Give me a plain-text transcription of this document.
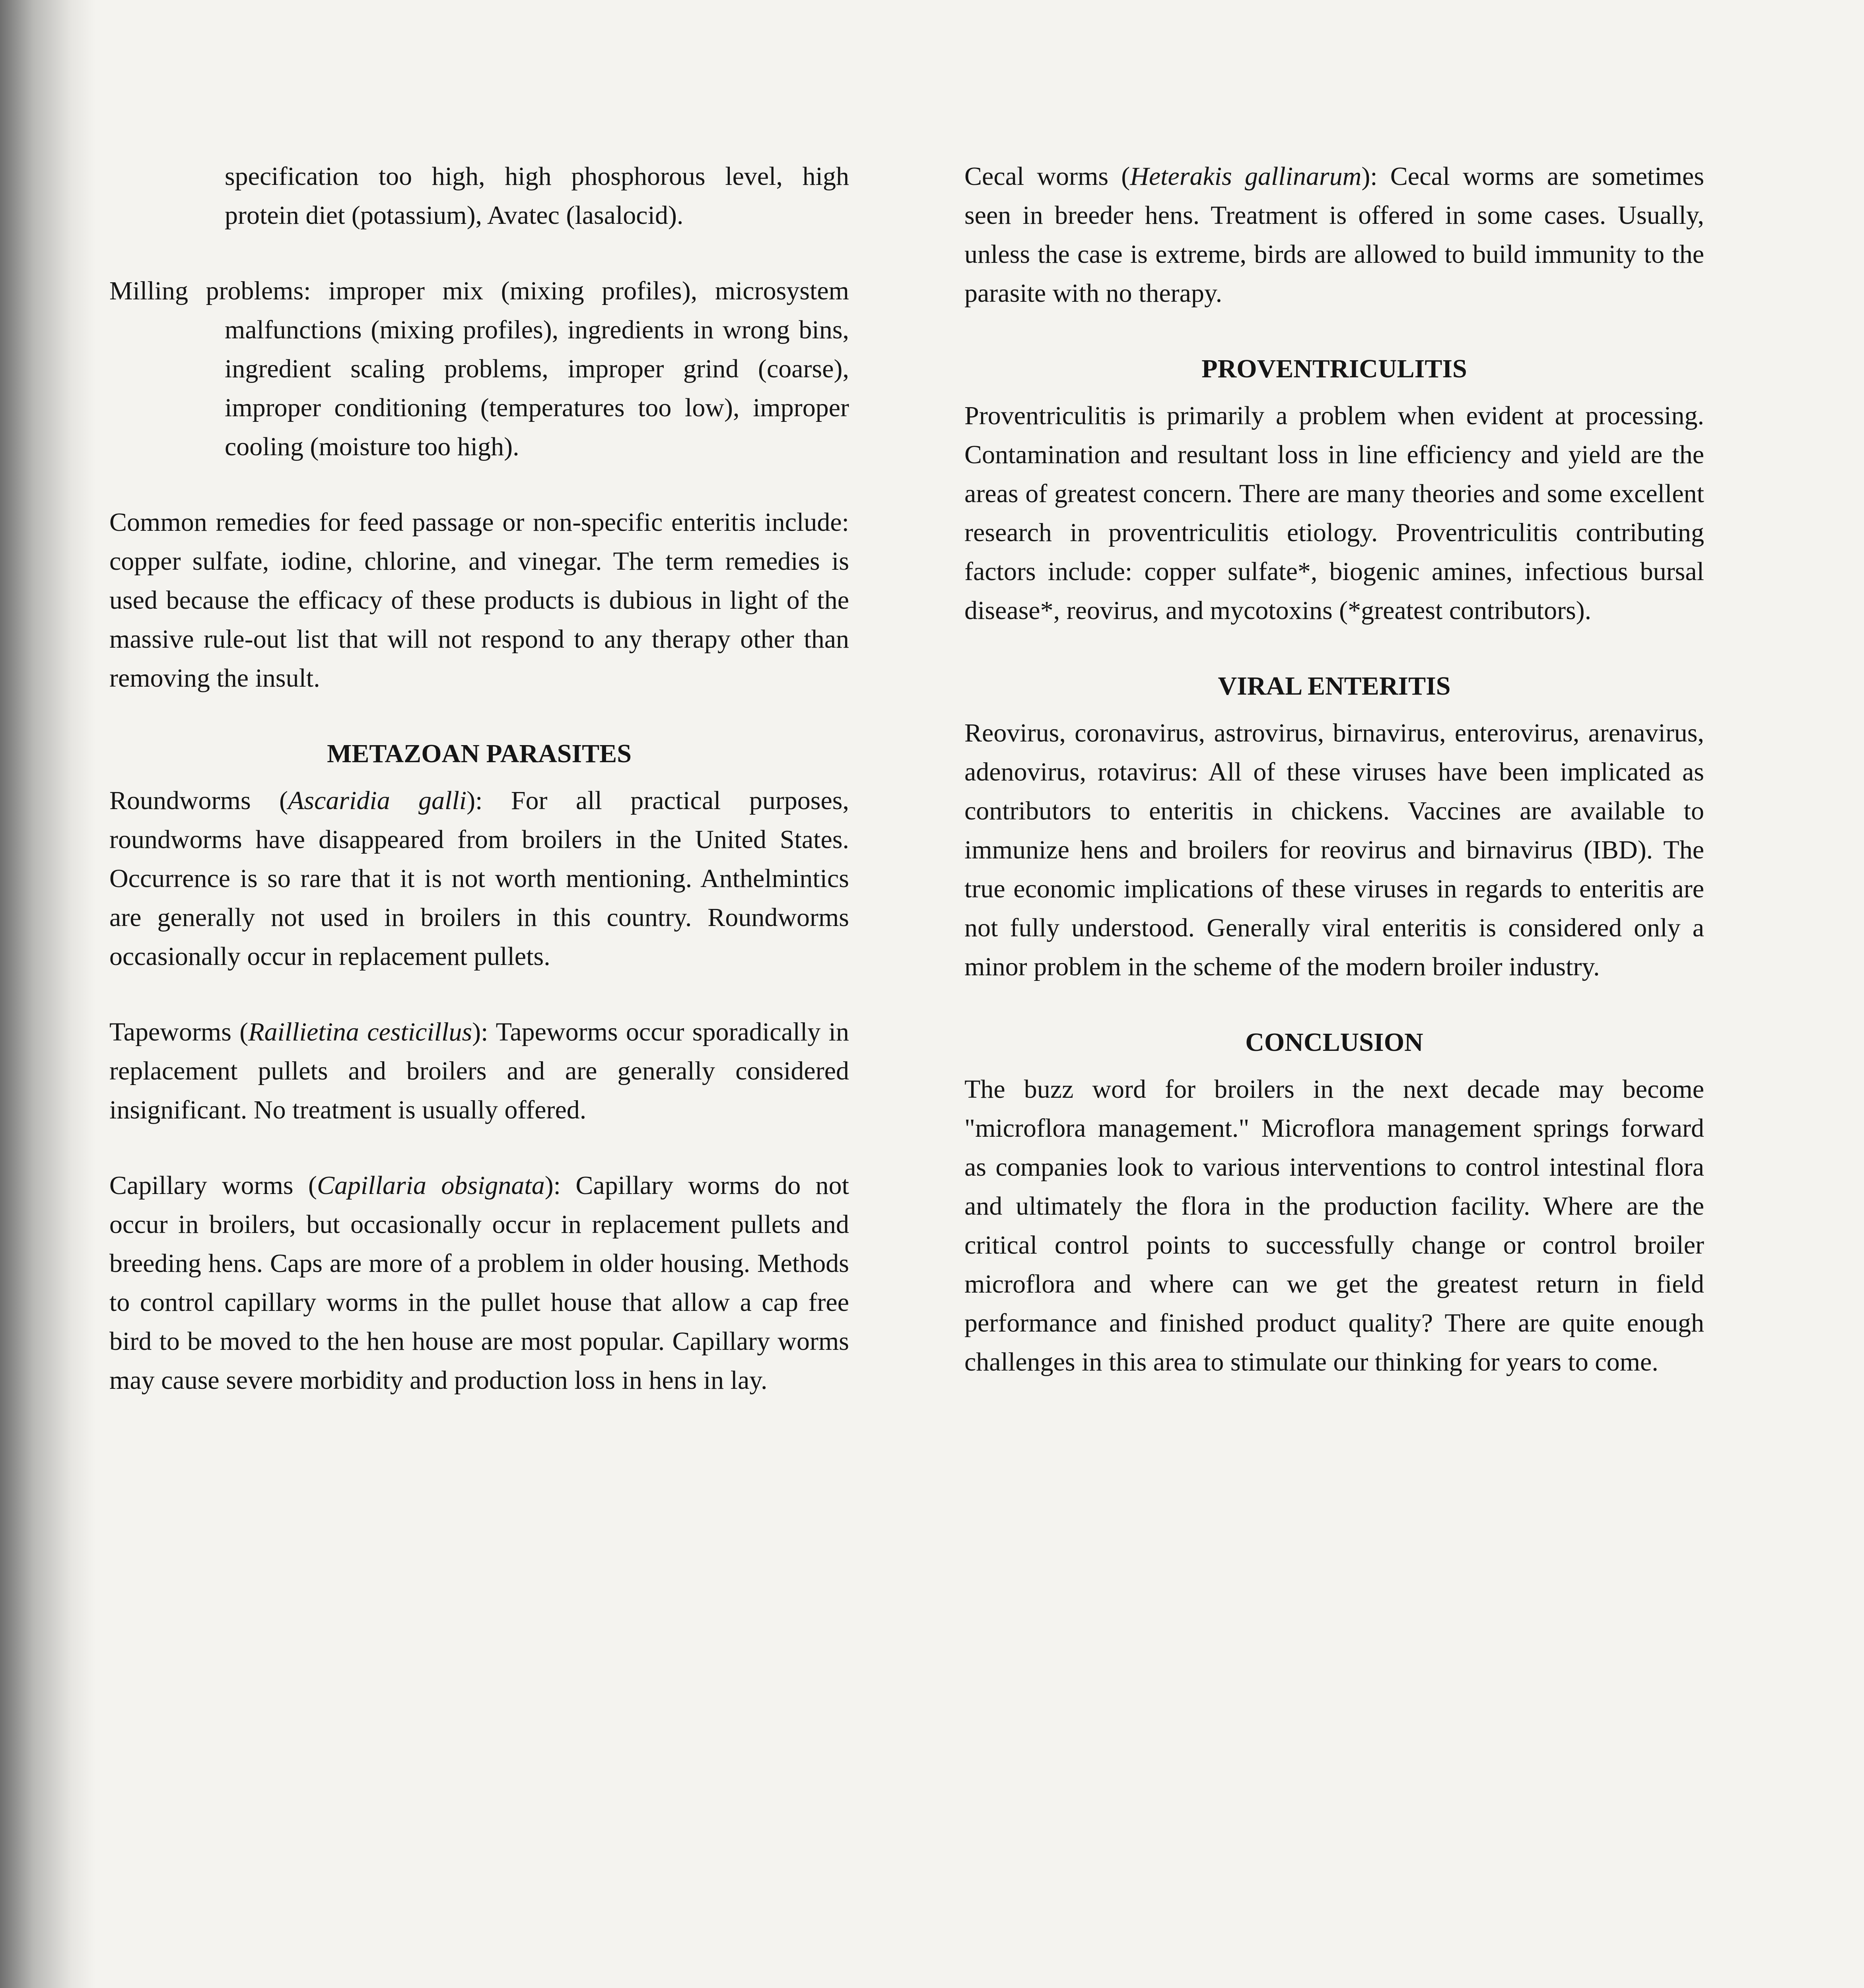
specification too high, high phosphorous level, high protein diet (potassium), Avatec (lasalocid).

Milling problems: improper mix (mixing profiles), microsystem malfunctions (mixing profiles), ingredients in wrong bins, ingredient scaling problems, improper grind (coarse), improper conditioning (temperatures too low), improper cooling (moisture too high).

Common remedies for feed passage or non-specific enteritis include: copper sulfate, iodine, chlorine, and vinegar. The term remedies is used because the efficacy of these products is dubious in light of the massive rule-out list that will not respond to any therapy other than removing the insult.

METAZOAN PARASITES

Roundworms (Ascaridia galli): For all practical purposes, roundworms have disappeared from broilers in the United States. Occurrence is so rare that it is not worth mentioning. Anthelmintics are generally not used in broilers in this country. Roundworms occasionally occur in replacement pullets.

Tapeworms (Raillietina cesticillus): Tapeworms occur sporadically in replacement pullets and broilers and are generally considered insignificant. No treatment is usually offered.

Capillary worms (Capillaria obsignata): Capillary worms do not occur in broilers, but occasionally occur in replacement pullets and breeding hens. Caps are more of a problem in older housing. Methods to control capillary worms in the pullet house that allow a cap free bird to be moved to the hen house are most popular. Capillary worms may cause severe morbidity and production loss in hens in lay.

Cecal worms (Heterakis gallinarum): Cecal worms are sometimes seen in breeder hens. Treatment is offered in some cases. Usually, unless the case is extreme, birds are allowed to build immunity to the parasite with no therapy.

PROVENTRICULITIS

Proventriculitis is primarily a problem when evident at processing. Contamination and resultant loss in line efficiency and yield are the areas of greatest concern. There are many theories and some excellent research in proventriculitis etiology. Proventriculitis contributing factors include: copper sulfate*, biogenic amines, infectious bursal disease*, reovirus, and mycotoxins (*greatest contributors).

VIRAL ENTERITIS

Reovirus, coronavirus, astrovirus, birnavirus, enterovirus, arenavirus, adenovirus, rotavirus: All of these viruses have been implicated as contributors to enteritis in chickens. Vaccines are available to immunize hens and broilers for reovirus and birnavirus (IBD). The true economic implications of these viruses in regards to enteritis are not fully understood. Generally viral enteritis is considered only a minor problem in the scheme of the modern broiler industry.

CONCLUSION

The buzz word for broilers in the next decade may become "microflora management." Microflora management springs forward as companies look to various interventions to control intestinal flora and ultimately the flora in the production facility. Where are the critical control points to successfully change or control broiler microflora and where can we get the greatest return in field performance and finished product quality? There are quite enough challenges in this area to stimulate our thinking for years to come.
